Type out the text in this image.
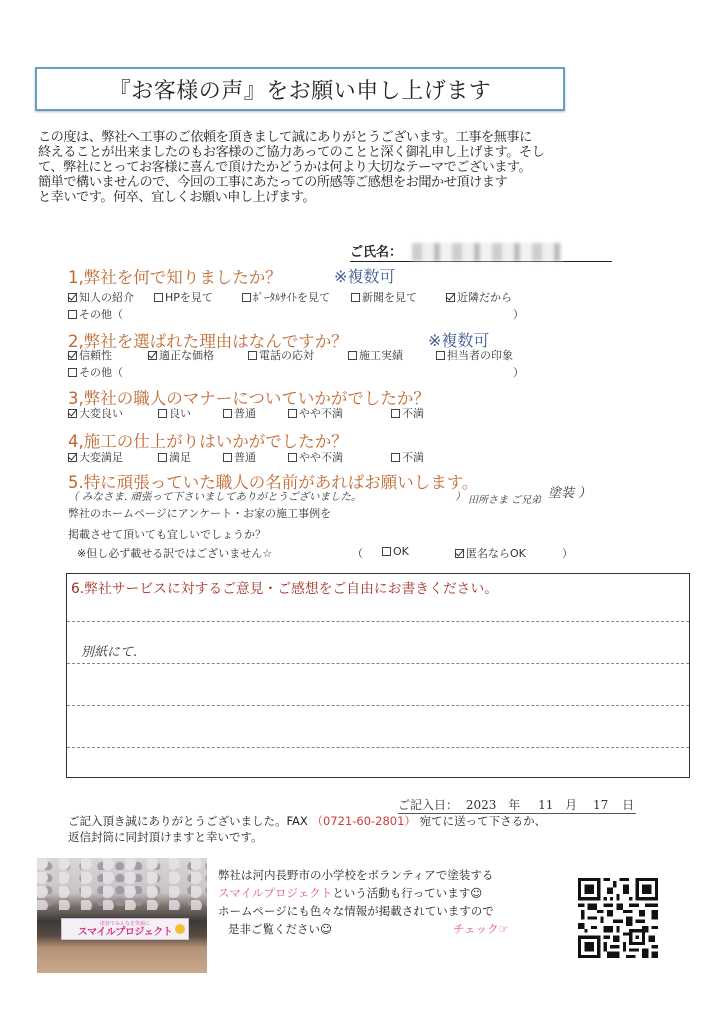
『お客様の声』をお願い申し上げます
この度は、弊社へ工事のご依頼を頂きまして誠にありがとうございます。工事を無事に
終えることが出来ましたのもお客様のご協力あってのことと深く御礼申し上げます。そし
て、弊社にとってお客様に喜んで頂けたかどうかは何より大切なテーマでございます。
簡単で構いませんので、今回の工事にあたっての所感等ご感想をお聞かせ頂けます
と幸いです。何卒、宜しくお願い申し上げます。
ご氏名：
1,弊社を何で知りましたか？	※複数可
知人の紹介	HPを見て	ﾎﾟｰﾀﾙｻｲﾄを見て	新聞を見て	近隣だから
その他（	）
2,弊社を選ばれた理由はなんですか？	※複数可
信頼性	適正な価格	電話の応対	施工実績	担当者の印象
その他（	）
3,弊社の職人のマナーについていかがでしたか？
大変良い	良い	普通	やや不満	不満
4,施工の仕上がりはいかがでしたか？
大変満足	満足	普通	やや不満	不満
5.特に頑張っていた職人の名前があればお願いします。
（ みなさま. 頑張って下さいましてありがとうございました。	） 田所さま ご兄弟 塗装 ）
弊社のホームページにアンケート・お家の施工事例を
掲載させて頂いても宜しいでしょうか？
※但し必ず載せる訳ではございません☆	（	OK	匿名ならOK	）
6.弊社サービスに対するご意見・ご感想をご自由にお書きください。
別紙にて.
ご記入日： 2023 年 11 月 17 日
ご記入頂き誠にありがとうございました。FAX （0721-60-2801） 宛てに送って下さるか、
返信封筒に同封頂けますと幸いです。
塗装でみんなを笑顔に
スマイルプロジェクト
弊社は河内長野市の小学校をボランティアで塗装する
スマイルプロジェクトという活動も行っています☺
ホームページにも色々な情報が掲載されていますので
是非ご覧ください☺	チェック☞
